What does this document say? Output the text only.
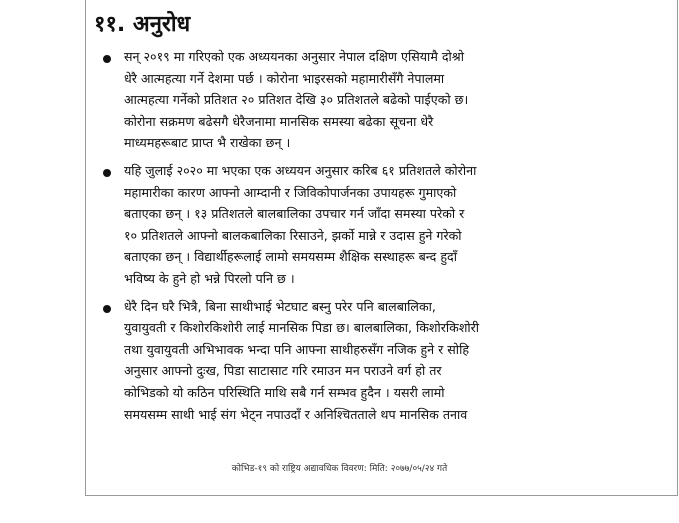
११. अनुरोध
सन् २०१९ मा गरिएको एक अध्ययनका अनुसार नेपाल दक्षिण एसियामै दोश्रो
धेरै आत्महत्या गर्ने देशमा पर्छ । कोरोना भाइरसको महामारीसँगै नेपालमा
आत्महत्या गर्नेको प्रतिशत २० प्रतिशत देखि ३० प्रतिशतले बढेको पाईएको छ।
कोरोना सक्रमण बढेसगै धेरैजनामा मानसिक समस्या बढेका सूचना धेरै
माध्यमहरूबाट प्राप्त भै राखेका छन् ।
यहि जुलाई २०२० मा भएका एक अध्ययन अनुसार करिब ६१ प्रतिशतले कोरोना
महामारीका कारण आफ्नो आम्दानी र जिविकोपार्जनका उपायहरू गुमाएको
बताएका छन् । १३ प्रतिशतले बालबालिका उपचार गर्न जाँदा समस्या परेको र
१० प्रतिशतले आफ्नो बालकबालिका रिसाउने, झर्को मान्ने र उदास हुने गरेको
बताएका छन् । विद्यार्थीहरूलाई लामो समयसम्म शैक्षिक सस्थाहरू बन्द हुदाँ
भविष्य के हुने हो भन्ने पिरलो पनि छ ।
धेरै दिन घरै भित्रै, बिना साथीभाई भेटघाट बस्नु परेर पनि बालबालिका,
युवायुवती र किशोरकिशोरी लाई मानसिक पिडा छ। बालबालिका, किशोरकिशोरी
तथा युवायुवती अभिभावक भन्दा पनि आफ्ना साथीहरुसँग नजिक हुने र सोहि
अनुसार आफ्नो दुःख, पिडा साटासाट गरि रमाउन मन पराउने वर्ग हो तर
कोभिडको यो कठिन परिस्थिति माथि सबै गर्न सम्भव हुदैन । यसरी लामो
समयसम्म साथी भाई संग भेट्न नपाउदाँ र अनिश्चितताले थप मानसिक तनाव
कोभिड-१९ को राष्ट्रिय अद्यावधिक विवरण: मिति: २०७७/०५/२४ गते
